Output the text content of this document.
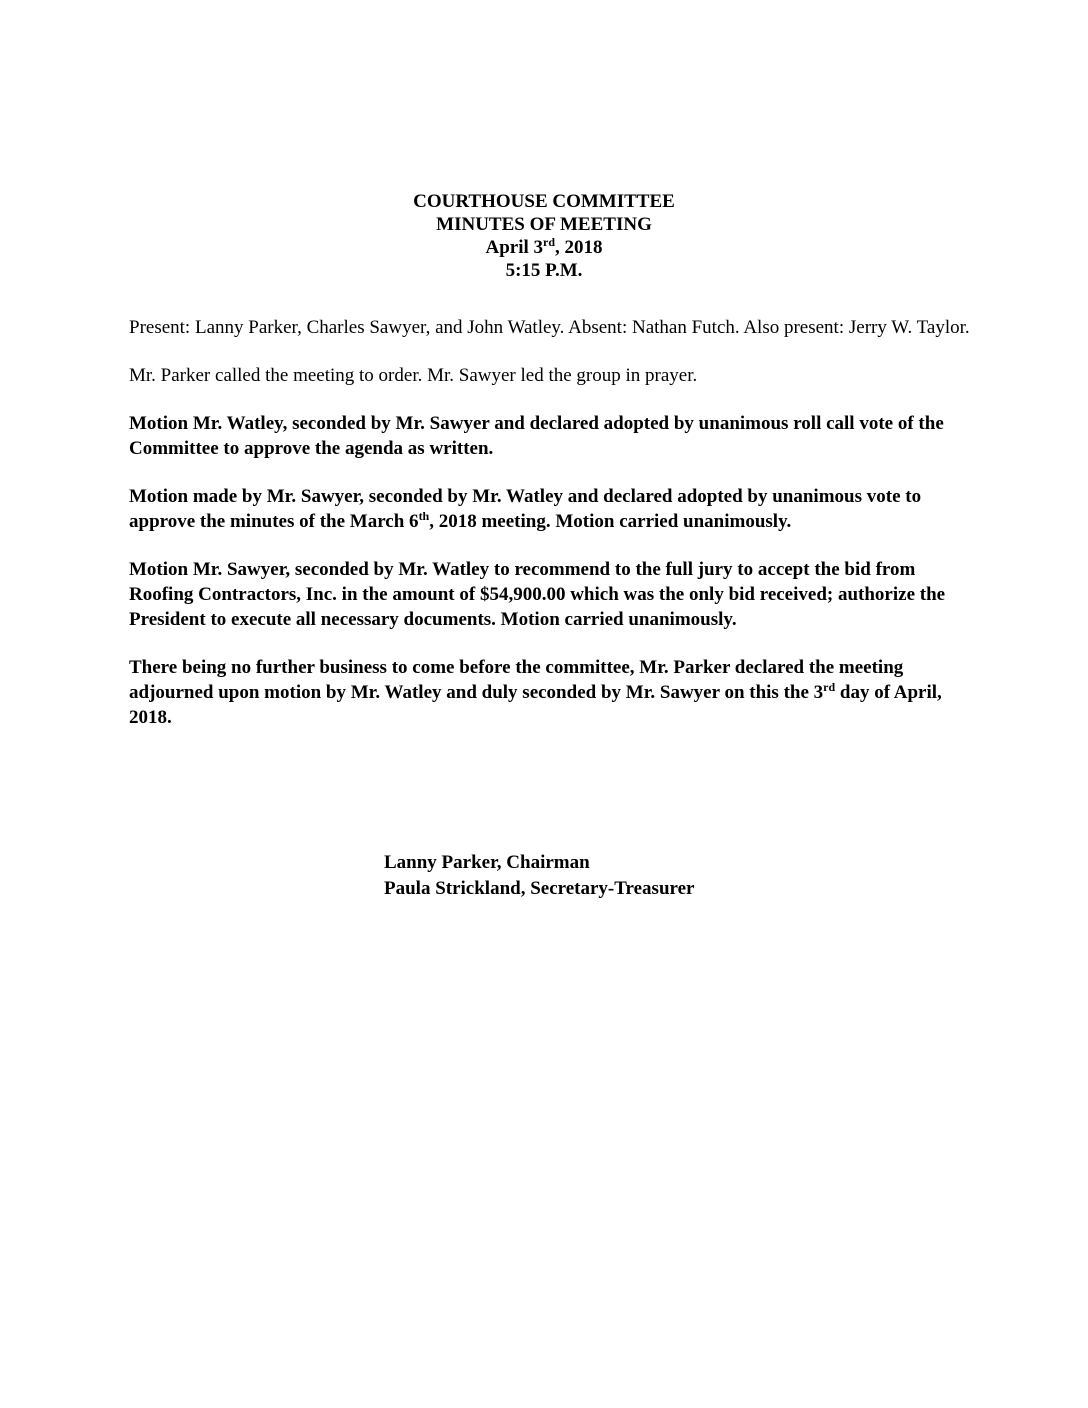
COURTHOUSE COMMITTEE
MINUTES OF MEETING
April 3rd, 2018
5:15 P.M.

Present: Lanny Parker, Charles Sawyer, and John Watley. Absent: Nathan Futch. Also present: Jerry W. Taylor.

Mr. Parker called the meeting to order. Mr. Sawyer led the group in prayer.

Motion Mr. Watley, seconded by Mr. Sawyer and declared adopted by unanimous roll call vote of the Committee to approve the agenda as written.

Motion made by Mr. Sawyer, seconded by Mr. Watley and declared adopted by unanimous vote to approve the minutes of the March 6th, 2018 meeting. Motion carried unanimously.

Motion Mr. Sawyer, seconded by Mr. Watley to recommend to the full jury to accept the bid from Roofing Contractors, Inc. in the amount of $54,900.00 which was the only bid received; authorize the President to execute all necessary documents. Motion carried unanimously.

There being no further business to come before the committee, Mr. Parker declared the meeting adjourned upon motion by Mr. Watley and duly seconded by Mr. Sawyer on this the 3rd day of April, 2018.

Lanny Parker, Chairman
Paula Strickland, Secretary-Treasurer
